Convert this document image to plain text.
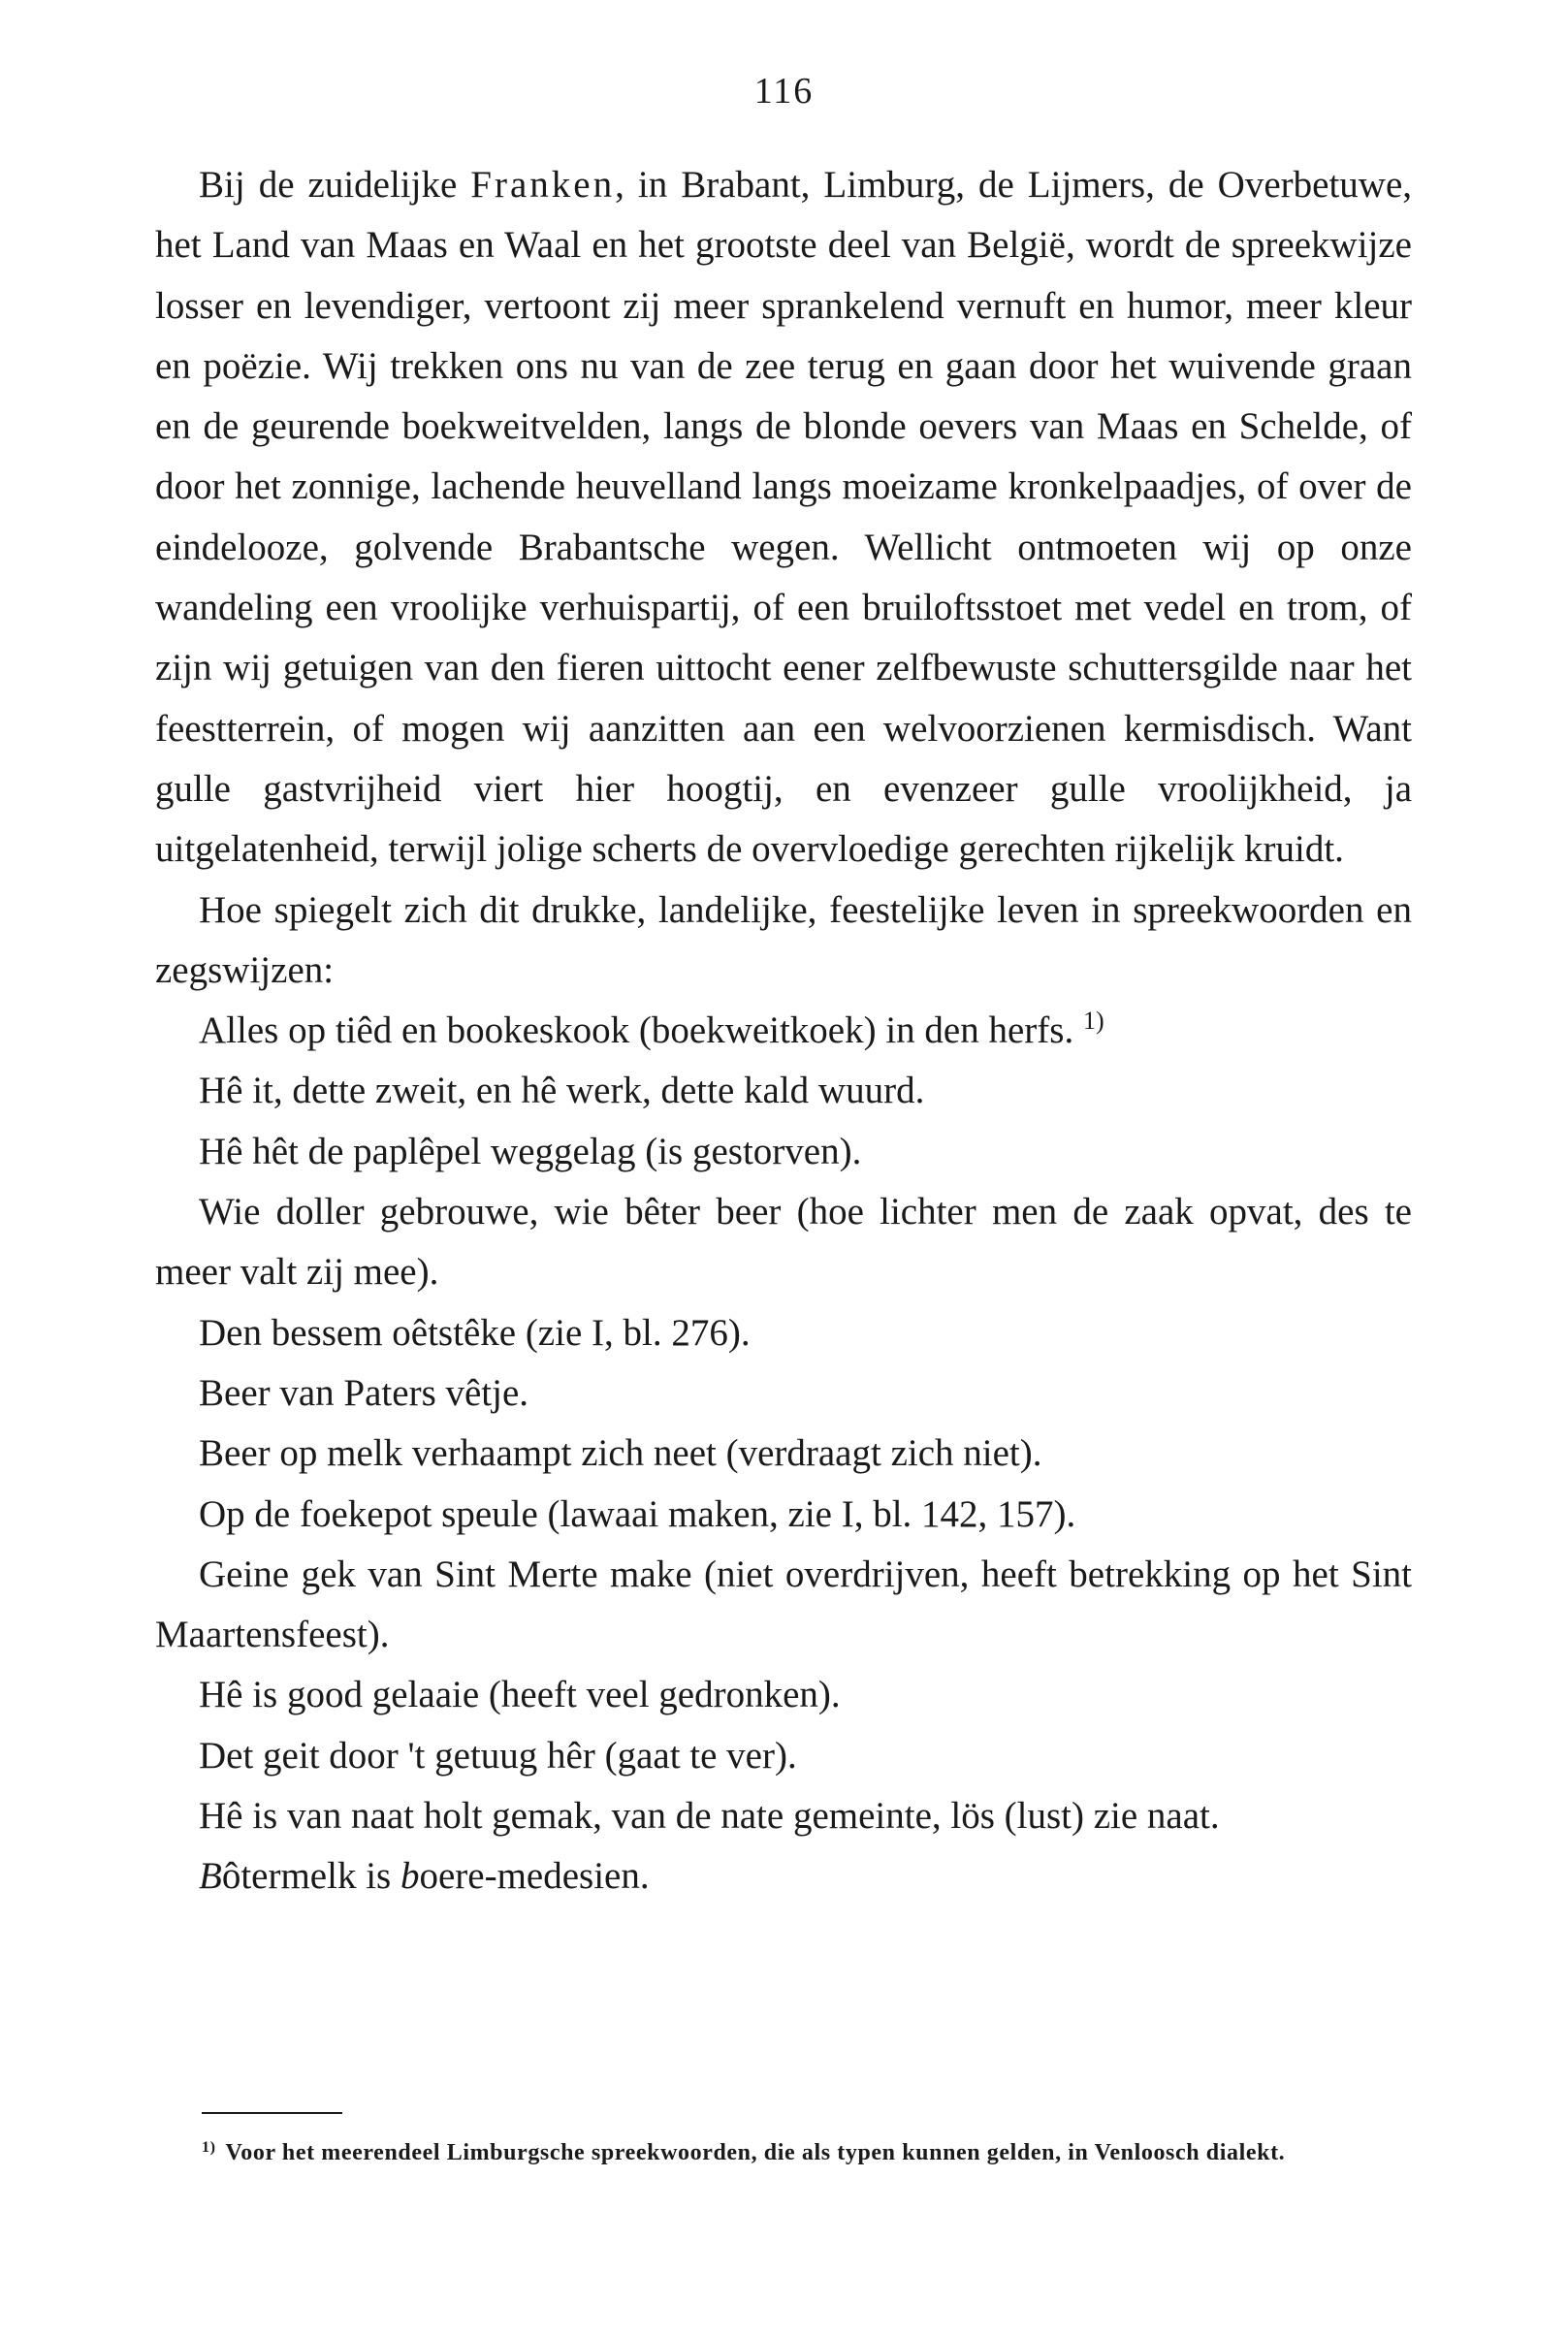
116

Bij de zuidelijke Franken, in Brabant, Limburg, de Lijmers, de Overbetuwe, het Land van Maas en Waal en het grootste deel van België, wordt de spreekwijze losser en levendiger, vertoont zij meer sprankelend vernuft en humor, meer kleur en poëzie. Wij trekken ons nu van de zee terug en gaan door het wuivende graan en de geurende boekweitvelden, langs de blonde oevers van Maas en Schelde, of door het zonnige, lachende heuvelland langs moeizame kronkelpaadjes, of over de eindelooze, golvende Brabantsche wegen. Wellicht ontmoeten wij op onze wandeling een vroolijke verhuispartij, of een bruiloftsstoet met vedel en trom, of zijn wij getuigen van den fieren uittocht eener zelfbewuste schuttersgilde naar het feestterrein, of mogen wij aanzitten aan een welvoorzienen kermisdisch. Want gulle gastvrijheid viert hier hoogtij, en evenzeer gulle vroolijkheid, ja uitgelatenheid, terwijl jolige scherts de overvloedige gerechten rijkelijk kruidt.

Hoe spiegelt zich dit drukke, landelijke, feestelijke leven in spreekwoorden en zegswijzen:

Alles op tiêd en bookeskook (boekweitkoek) in den herfs. $^{1)}$

Hê it, dette zweit, en hê werk, dette kald wuurd.

Hê hêt de paplêpel weggelag (is gestorven).

Wie doller gebrouwe, wie bêter beer (hoe lichter men de zaak opvat, des te meer valt zij mee).

Den bessem oêtstêke (zie I, bl. 276).

Beer van Paters vêtje.

Beer op melk verhaampt zich neet (verdraagt zich niet).

Op de foekepot speule (lawaai maken, zie I, bl. 142, 157).

Geine gek van Sint Merte make (niet overdrijven, heeft betrekking op het Sint Maartensfeest).

Hê is good gelaaie (heeft veel gedronken).

Det geit door 't getuug hêr (gaat te ver).

Hê is van naat holt gemak, van de nate gemeinte, lös (lust) zie naat.

Bôtermelk is boere-medesien.

$^{1)}$ Voor het meerendeel Limburgsche spreekwoorden, die als typen kunnen gelden, in Venloosch dialekt.
